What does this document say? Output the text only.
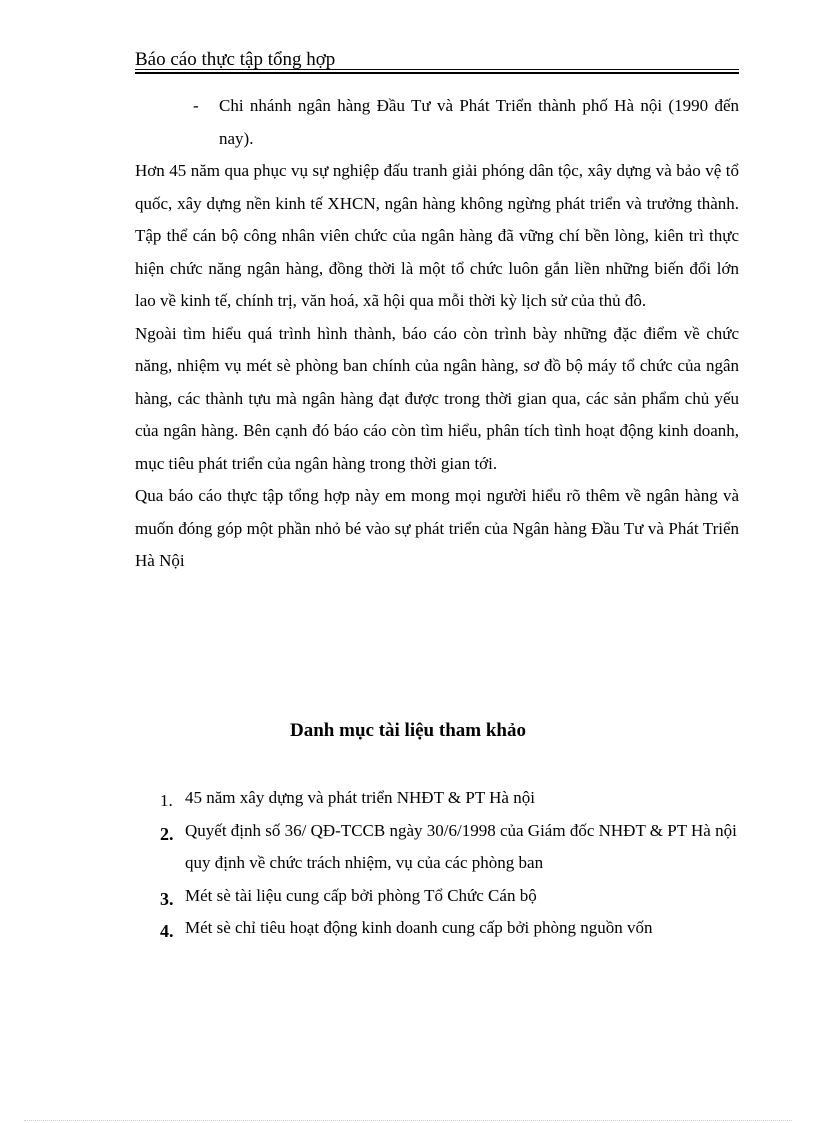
Báo cáo thực tập tổng hợp
- Chi nhánh ngân hàng Đầu Tư và Phát Triển thành phố Hà nội (1990 đến nay).

Hơn 45 năm qua phục vụ sự nghiệp đấu tranh giải phóng dân tộc, xây dựng và bảo vệ tổ quốc, xây dựng nền kinh tế XHCN, ngân hàng không ngừng phát triển và trưởng thành. Tập thể cán bộ công nhân viên chức của ngân hàng đã vững chí bền lòng, kiên trì thực hiện chức năng ngân hàng, đồng thời là một tổ chức luôn gắn liền những biến đổi lớn lao về kinh tế, chính trị, văn hoá, xã hội qua mỗi thời kỳ lịch sử của thủ đô.

Ngoài tìm hiểu quá trình hình thành, báo cáo còn trình bày những đặc điểm về chức năng, nhiệm vụ mét sè phòng ban chính của ngân hàng, sơ đồ bộ máy tổ chức của ngân hàng, các thành tựu mà ngân hàng đạt được trong thời gian qua, các sản phẩm chủ yếu của ngân hàng. Bên cạnh đó báo cáo còn tìm hiểu, phân tích tình hoạt động kinh doanh, mục tiêu phát triển của ngân hàng trong thời gian tới.

Qua báo cáo thực tập tổng hợp này em mong mọi người hiểu rõ thêm về ngân hàng và muốn đóng góp một phần nhỏ bé vào sự phát triển của Ngân hàng Đầu Tư và Phát Triển Hà Nội

Danh mục tài liệu tham khảo
1. 45 năm xây dựng và phát triển NHĐT & PT Hà nội
2. Quyết định số 36/ QĐ-TCCB ngày 30/6/1998 của Giám đốc NHĐT & PT Hà nội quy định về chức trách nhiệm, vụ của các phòng ban
3. Mét sè tài liệu cung cấp bởi phòng Tổ Chức Cán bộ
4. Mét sè chỉ tiêu hoạt động kinh doanh cung cấp bởi phòng nguồn vốn
